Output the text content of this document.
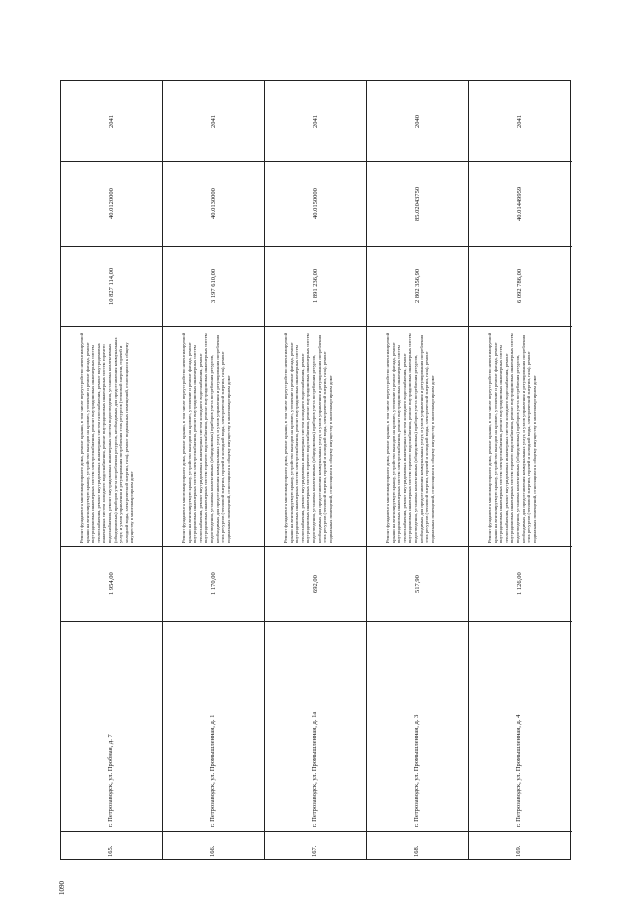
1090
165.
г. Петрозаводск, ул. Пробная, д. 7
1 954,00
Ремонт фундамента многоквартирного дома, ремонт крыши, в том числе переустройство невентилируемой крыши на вентилируемую крышу, устройство выходов на кровлю, утепление и ремонт фасада, ремонт внутридомовых инженерных систем электроснабжения, ремонт внутридомовых инженерных систем теплоснабжения, ремонт внутридомовых инженерных систем газоснабжения, ремонт внутридомовых инженерных систем холодного водоснабжения, ремонт внутридомовых инженерных систем горячего водоснабжения, ремонт внутридомовых инженерных систем водоотведения, установка коллективных (общедомовых) приборов учета потребления ресурсов, необходимых для предоставления коммунальных услуг, и узлов управления и регулирования потребления этих ресурсов (тепловой энергии, горячей и холодной воды, электрической энергии, газа), ремонт подвальных помещений, относящихся к общему имуществу в многоквартирном доме
10 827 114,00
40.0120000
2041
166.
г. Петрозаводск, ул. Промышленная, д. 1
1 170,00
Ремонт фундамента многоквартирного дома, ремонт крыши, в том числе переустройство невентилируемой крыши на вентилируемую крышу, устройство выходов на кровлю, утепление и ремонт фасада, ремонт внутридомовых инженерных систем электроснабжения, ремонт внутридомовых инженерных систем теплоснабжения, ремонт внутридомовых инженерных систем холодного водоснабжения, ремонт внутридомовых инженерных систем горячего водоснабжения, ремонт внутридомовых инженерных систем водоотведения, установка коллективных (общедомовых) приборов учета потребления ресурсов, необходимых для предоставления коммунальных услуг, и узлов управления и регулирования потребления этих ресурсов (тепловой энергии, горячей и холодной воды, электрической энергии, газа), ремонт подвальных помещений, относящихся к общему имуществу в многоквартирном доме
3 197 610,00
40.0130000
2041
167.
г. Петрозаводск, ул. Промышленная, д. 1а
692,00
Ремонт фундамента многоквартирного дома, ремонт крыши, в том числе переустройство невентилируемой крыши на вентилируемую крышу, устройство выходов на кровлю, утепление и ремонт фасада, ремонт внутридомовых инженерных систем электроснабжения, ремонт внутридомовых инженерных систем теплоснабжения, ремонт внутридомовых инженерных систем холодного водоснабжения, ремонт внутридомовых инженерных систем горячего водоснабжения, ремонт внутридомовых инженерных систем водоотведения, установка коллективных (общедомовых) приборов учета потребления ресурсов, необходимых для предоставления коммунальных услуг, и узлов управления и регулирования потребления этих ресурсов (тепловой энергии, горячей и холодной воды, электрической энергии, газа), ремонт подвальных помещений, относящихся к общему имуществу в многоквартирном доме
1 891 236,00
40.0150000
2041
168.
г. Петрозаводск, ул. Промышленная, д. 3
517,90
Ремонт фундамента многоквартирного дома, ремонт крыши, в том числе переустройство невентилируемой крыши на вентилируемую крышу, устройство выходов на кровлю, утепление и ремонт фасада, ремонт внутридомовых инженерных систем электроснабжения, ремонт внутридомовых инженерных систем теплоснабжения, ремонт внутридомовых инженерных систем холодного водоснабжения, ремонт внутридомовых инженерных систем горячего водоснабжения, ремонт внутридомовых инженерных систем водоотведения, установка коллективных (общедомовых) приборов учета потребления ресурсов, необходимых для предоставления коммунальных услуг, и узлов управления и регулирования потребления этих ресурсов (тепловой энергии, горячей и холодной воды, электрической энергии, газа), ремонт подвальных помещений, относящихся к общему имуществу в многоквартирном доме
2 802 356,90
85.02043750
2040
169.
г. Петрозаводск, ул. Промышленная, д. 4
1 126,00
Ремонт фундамента многоквартирного дома, ремонт крыши, в том числе переустройство невентилируемой крыши на вентилируемую крышу, устройство выходов на кровлю, утепление и ремонт фасада, ремонт внутридомовых инженерных систем электроснабжения, ремонт внутридомовых инженерных систем теплоснабжения, ремонт внутридомовых инженерных систем холодного водоснабжения, ремонт внутридомовых инженерных систем горячего водоснабжения, ремонт внутридомовых инженерных систем водоотведения, установка коллективных (общедомовых) приборов учета потребления ресурсов, необходимых для предоставления коммунальных услуг, и узлов управления и регулирования потребления этих ресурсов (тепловой энергии, горячей и холодной воды, электрической энергии, газа), ремонт подвальных помещений, относящихся к общему имуществу в многоквартирном доме
6 092 786,00
40.01449959
2041
